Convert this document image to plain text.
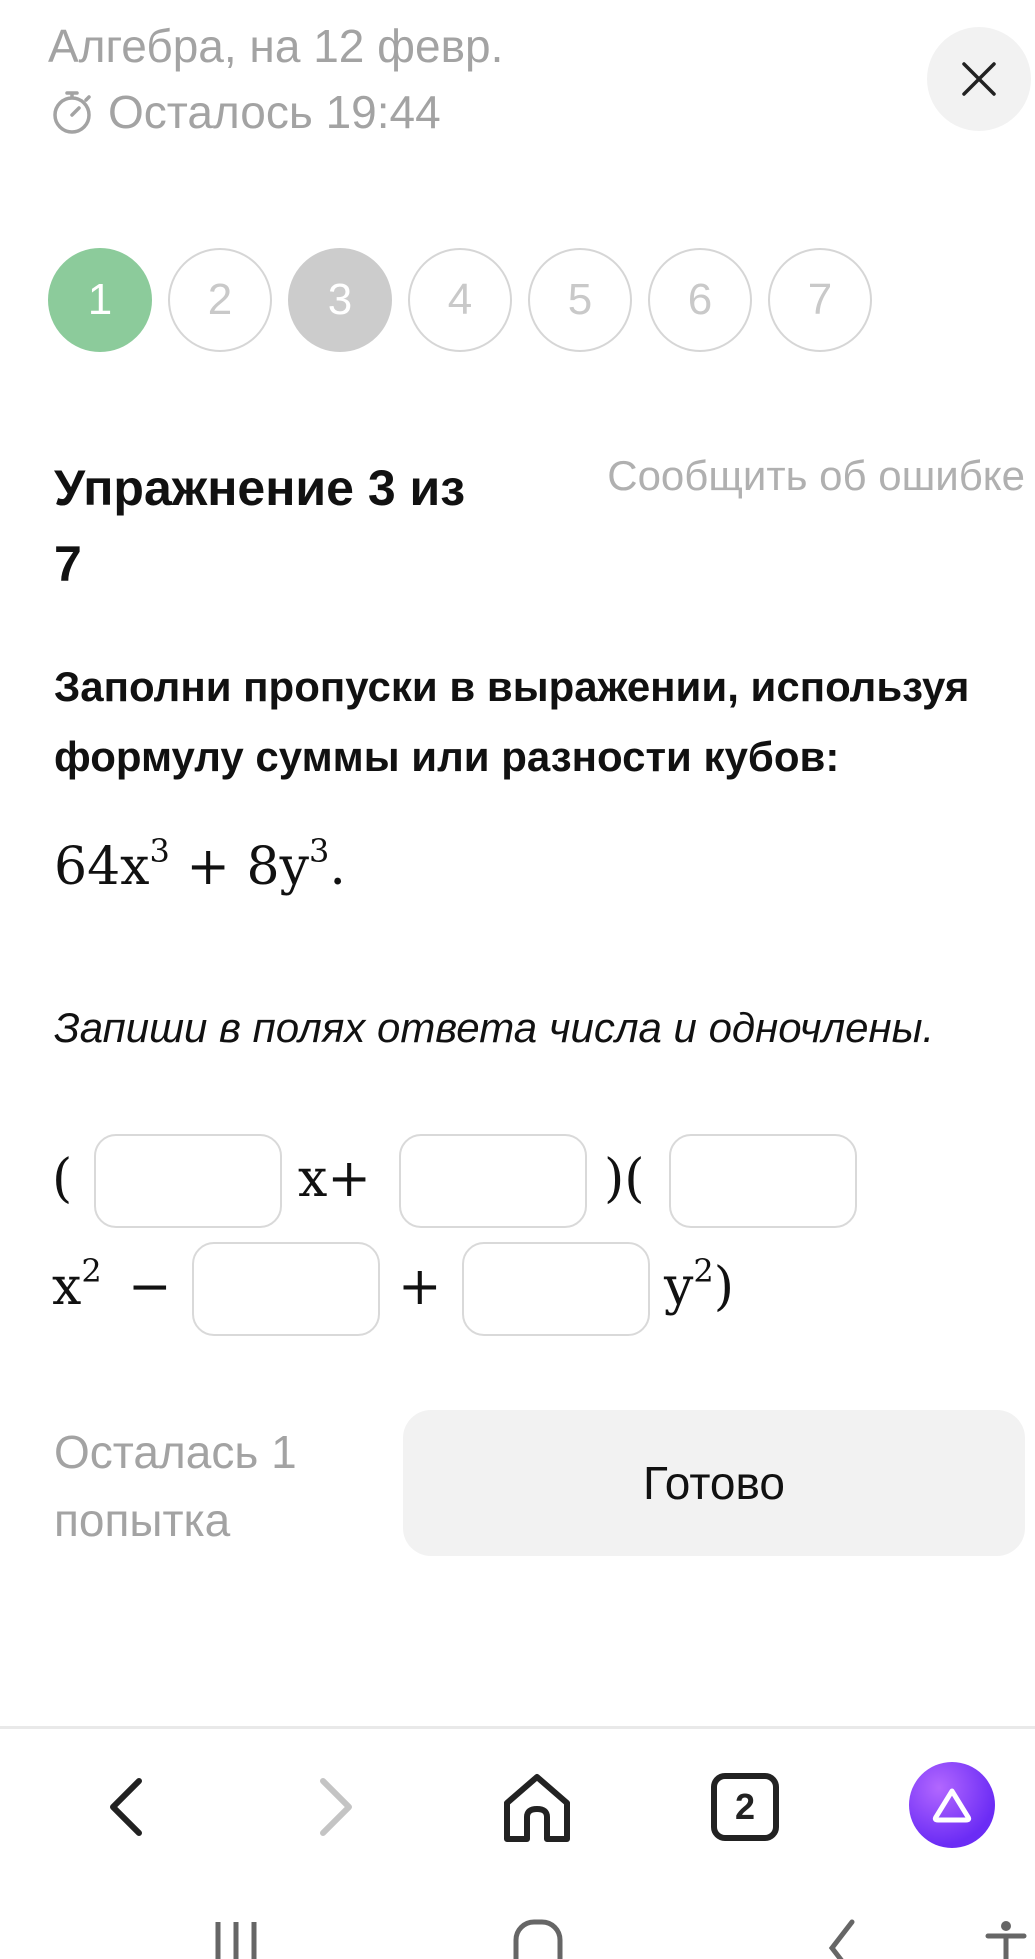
Алгебра, на 12 февр.
Осталось 19:44
1	2	3	4	5	6	7
Упражнение 3 из 7
Сообщить об ошибке
Заполни пропуски в выражении, используя формулу суммы или разности кубов:
$64x^3 + 8y^3$.
Запиши в полях ответа числа и одночлены.
(	x+	)(
$x^2$ −	+	$y^2$)
Осталась 1 попытка
Готово
2
